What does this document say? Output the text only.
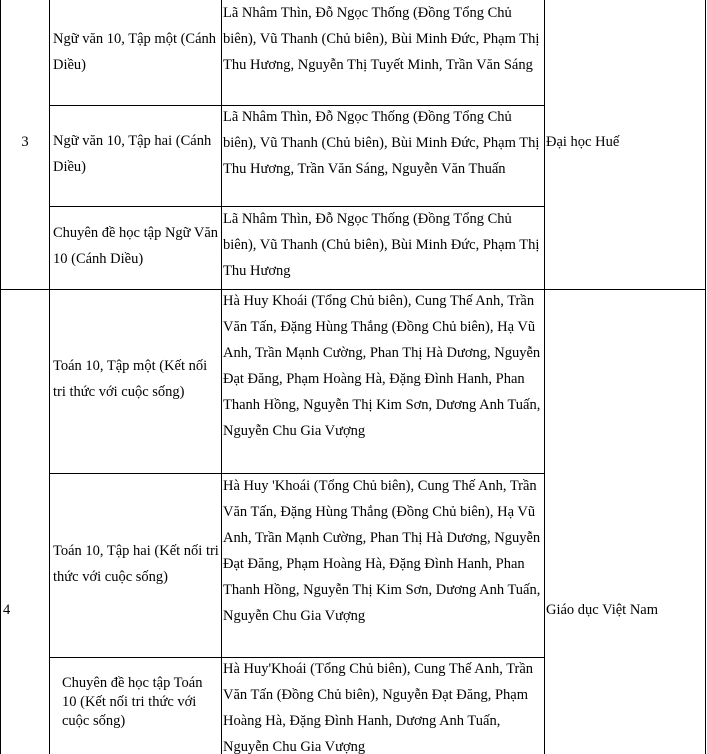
3
Ngữ văn 10, Tập một (Cánh Diều)
Lã Nhâm Thìn, Đỗ Ngọc Thống (Đồng Tổng Chủ biên), Vũ Thanh (Chủ biên), Bùi Minh Đức, Phạm Thị Thu Hương, Nguyễn Thị Tuyết Minh, Trần Văn Sáng
Ngữ văn 10, Tập hai (Cánh Diều)
Lã Nhâm Thìn, Đỗ Ngọc Thống (Đồng Tổng Chủ biên), Vũ Thanh (Chủ biên), Bùi Minh Đức, Phạm Thị Thu Hương, Trần Văn Sáng, Nguyễn Văn Thuấn
Chuyên đề học tập Ngữ Văn 10 (Cánh Diều)
Lã Nhâm Thìn, Đỗ Ngọc Thống (Đồng Tổng Chủ biên), Vũ Thanh (Chủ biên), Bùi Minh Đức, Phạm Thị Thu Hương
Đại học Huế
4
Toán 10, Tập một (Kết nối tri thức với cuộc sống)
Hà Huy Khoái (Tổng Chủ biên), Cung Thế Anh, Trần Văn Tấn, Đặng Hùng Thắng (Đồng Chủ biên), Hạ Vũ Anh, Trần Mạnh Cường, Phan Thị Hà Dương, Nguyễn Đạt Đăng, Phạm Hoàng Hà, Đặng Đình Hanh, Phan Thanh Hồng, Nguyễn Thị Kim Sơn, Dương Anh Tuấn, Nguyễn Chu Gia Vượng
Toán 10, Tập hai (Kết nối tri thức với cuộc sống)
Hà Huy 'Khoái (Tổng Chủ biên), Cung Thế Anh, Trần Văn Tấn, Đặng Hùng Thắng (Đồng Chủ biên), Hạ Vũ Anh, Trần Mạnh Cường, Phan Thị Hà Dương, Nguyễn Đạt Đăng, Phạm Hoàng Hà, Đặng Đình Hanh, Phan Thanh Hồng, Nguyễn Thị Kim Sơn, Dương Anh Tuấn, Nguyễn Chu Gia Vượng
Chuyên đề học tập Toán 10 (Kết nối tri thức với cuộc sống)
Hà Huy'Khoái (Tổng Chủ biên), Cung Thế Anh, Trần Văn Tấn (Đồng Chủ biên), Nguyễn Đạt Đăng, Phạm Hoàng Hà, Đặng Đình Hanh, Dương Anh Tuấn, Nguyễn Chu Gia Vượng
Giáo dục Việt Nam
